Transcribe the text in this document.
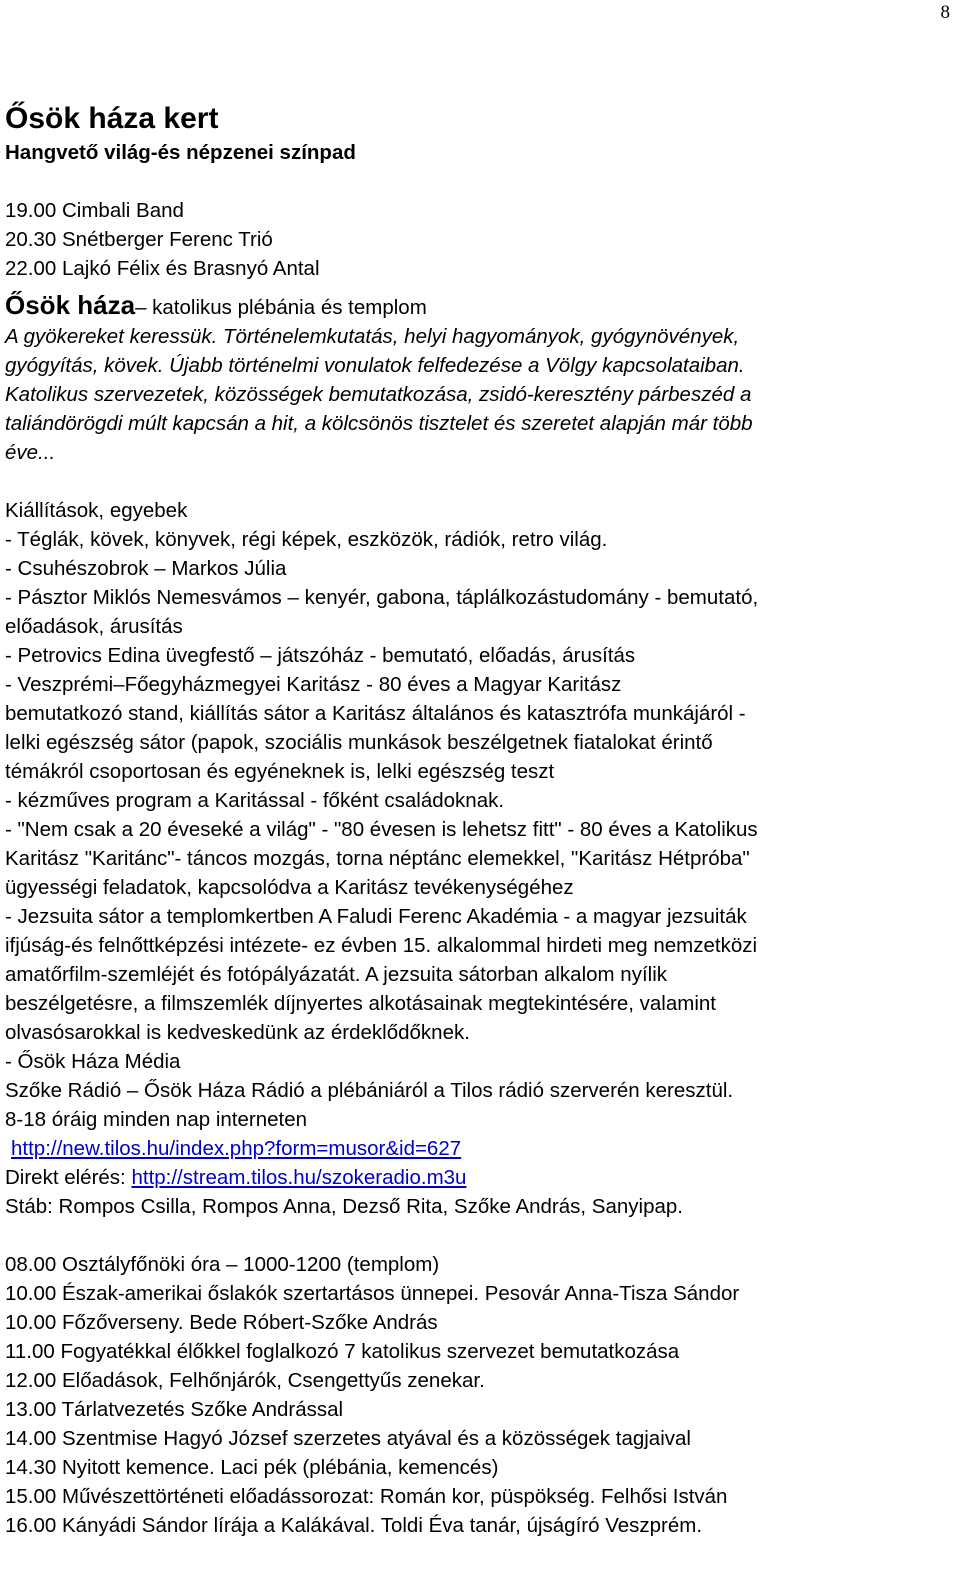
8
Ősök háza kert
Hangvető világ-és népzenei színpad
19.00 Cimbali Band
20.30 Snétberger Ferenc Trió
22.00 Lajkó Félix és Brasnyó Antal
Ősök háza– katolikus plébánia és templom
A gyökereket keressük. Történelemkutatás, helyi hagyományok, gyógynövények,
gyógyítás, kövek. Újabb történelmi vonulatok felfedezése a Völgy kapcsolataiban.
Katolikus szervezetek, közösségek bemutatkozása, zsidó-keresztény párbeszéd a
taliándörögdi múlt kapcsán a hit, a kölcsönös tisztelet és szeretet alapján már több
éve...
Kiállítások, egyebek
- Téglák, kövek, könyvek, régi képek, eszközök, rádiók, retro világ.
- Csuhészobrok – Markos Júlia
- Pásztor Miklós Nemesvámos – kenyér, gabona, táplálkozástudomány - bemutató,
előadások, árusítás
- Petrovics Edina üvegfestő – játszóház - bemutató, előadás, árusítás
- Veszprémi–Főegyházmegyei Karitász - 80 éves a Magyar Karitász
bemutatkozó stand, kiállítás sátor a Karitász általános és katasztrófa munkájáról -
lelki egészség sátor (papok, szociális munkások beszélgetnek fiatalokat érintő
témákról csoportosan és egyéneknek is, lelki egészség teszt
- kézműves program a Karitással - főként családoknak.
- "Nem csak a 20 éveseké a világ" - "80 évesen is lehetsz fitt" - 80 éves a Katolikus
Karitász "Karitánc"- táncos mozgás, torna néptánc elemekkel, "Karitász Hétpróba"
ügyességi feladatok, kapcsolódva a Karitász tevékenységéhez
- Jezsuita sátor a templomkertben A Faludi Ferenc Akadémia - a magyar jezsuiták
ifjúság-és felnőttképzési intézete- ez évben 15. alkalommal hirdeti meg nemzetközi
amatőrfilm-szemléjét és fotópályázatát. A jezsuita sátorban alkalom nyílik
beszélgetésre, a filmszemlék díjnyertes alkotásainak megtekintésére, valamint
olvasósarokkal is kedveskedünk az érdeklődőknek.
- Ősök Háza Média
Szőke Rádió – Ősök Háza Rádió a plébániáról a Tilos rádió szerverén keresztül.
8-18 óráig minden nap interneten
http://new.tilos.hu/index.php?form=musor&id=627
Direkt elérés: http://stream.tilos.hu/szokeradio.m3u
Stáb: Rompos Csilla, Rompos Anna, Dezső Rita, Szőke András, Sanyipap.
08.00 Osztályfőnöki óra – 1000-1200 (templom)
10.00 Észak-amerikai őslakók szertartásos ünnepei. Pesovár Anna-Tisza Sándor
10.00 Főzőverseny. Bede Róbert-Szőke András
11.00 Fogyatékkal élőkkel foglalkozó 7 katolikus szervezet bemutatkozása
12.00 Előadások, Felhőnjárók, Csengettyűs zenekar.
13.00 Tárlatvezetés Szőke Andrással
14.00 Szentmise Hagyó József szerzetes atyával és a közösségek tagjaival
14.30 Nyitott kemence. Laci pék (plébánia, kemencés)
15.00 Művészettörténeti előadássorozat: Román kor, püspökség. Felhősi István
16.00 Kányádi Sándor lírája a Kalákával. Toldi Éva tanár, újságíró Veszprém.
